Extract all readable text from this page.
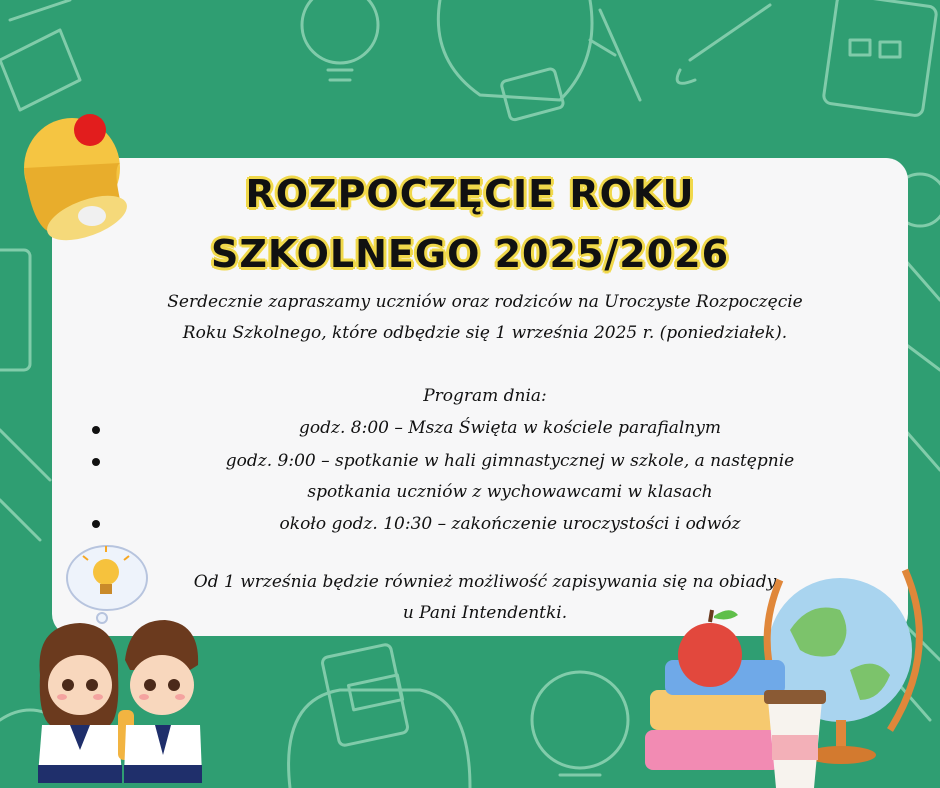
ROZPOCZĘCIE ROKU
SZKOLNEGO 2025/2026
Serdecznie zapraszamy uczniów oraz rodziców na Uroczyste Rozpoczęcie
Roku Szkolnego, które odbędzie się 1 września 2025 r. (poniedziałek).
Program dnia:
godz. 8:00 – Msza Święta w kościele parafialnym
godz. 9:00 – spotkanie w hali gimnastycznej w szkole, a następnie
spotkania uczniów z wychowawcami w klasach
około godz. 10:30 – zakończenie uroczystości i odwóz
Od 1 września będzie również możliwość zapisywania się na obiady
u Pani Intendentki.
